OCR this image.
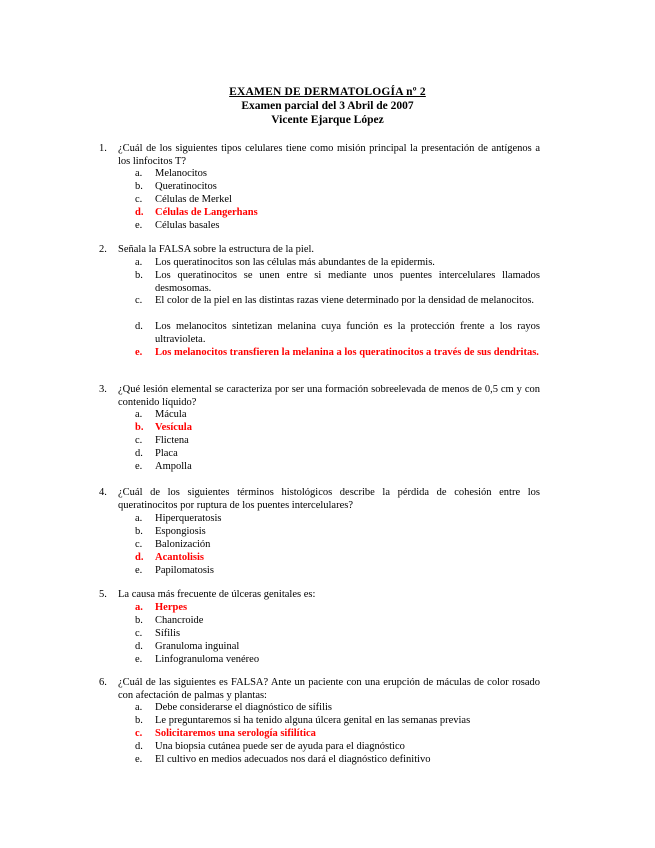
EXAMEN DE DERMATOLOGÍA nº 2
Examen parcial del 3 Abril de 2007
Vicente Ejarque López
1. ¿Cuál de los siguientes tipos celulares tiene como misión principal la presentación de antígenos a los linfocitos T?
a. Melanocitos
b. Queratinocitos
c. Células de Merkel
d. Células de Langerhans
e. Células basales
2. Señala la FALSA sobre la estructura de la piel.
a. Los queratinocitos son las células más abundantes de la epidermis.
b. Los queratinocitos se unen entre si mediante unos puentes intercelulares llamados desmosomas.
c. El color de la piel en las distintas razas viene determinado por la densidad de melanocitos.
d. Los melanocitos sintetizan melanina cuya función es la protección frente a los rayos ultravioleta.
e. Los melanocitos transfieren la melanina a los queratinocitos a través de sus dendritas.
3. ¿Qué lesión elemental se caracteriza por ser una formación sobreelevada de menos de 0,5 cm y con contenido líquido?
a. Mácula
b. Vesícula
c. Flictena
d. Placa
e. Ampolla
4. ¿Cuál de los siguientes términos histológicos describe la pérdida de cohesión entre los queratinocitos por ruptura de los puentes intercelulares?
a. Hiperqueratosis
b. Espongiosis
c. Balonización
d. Acantolisis
e. Papilomatosis
5. La causa más frecuente de úlceras genitales es:
a. Herpes
b. Chancroide
c. Sífilis
d. Granuloma inguinal
e. Linfogranuloma venéreo
6. ¿Cuál de las siguientes es FALSA? Ante un paciente con una erupción de máculas de color rosado con afectación de palmas y plantas:
a. Debe considerarse el diagnóstico de sífilis
b. Le preguntaremos si ha tenido alguna úlcera genital en las semanas previas
c. Solicitaremos una serología sifilítica
d. Una biopsia cutánea puede ser de ayuda para el diagnóstico
e. El cultivo en medios adecuados nos dará el diagnóstico definitivo
